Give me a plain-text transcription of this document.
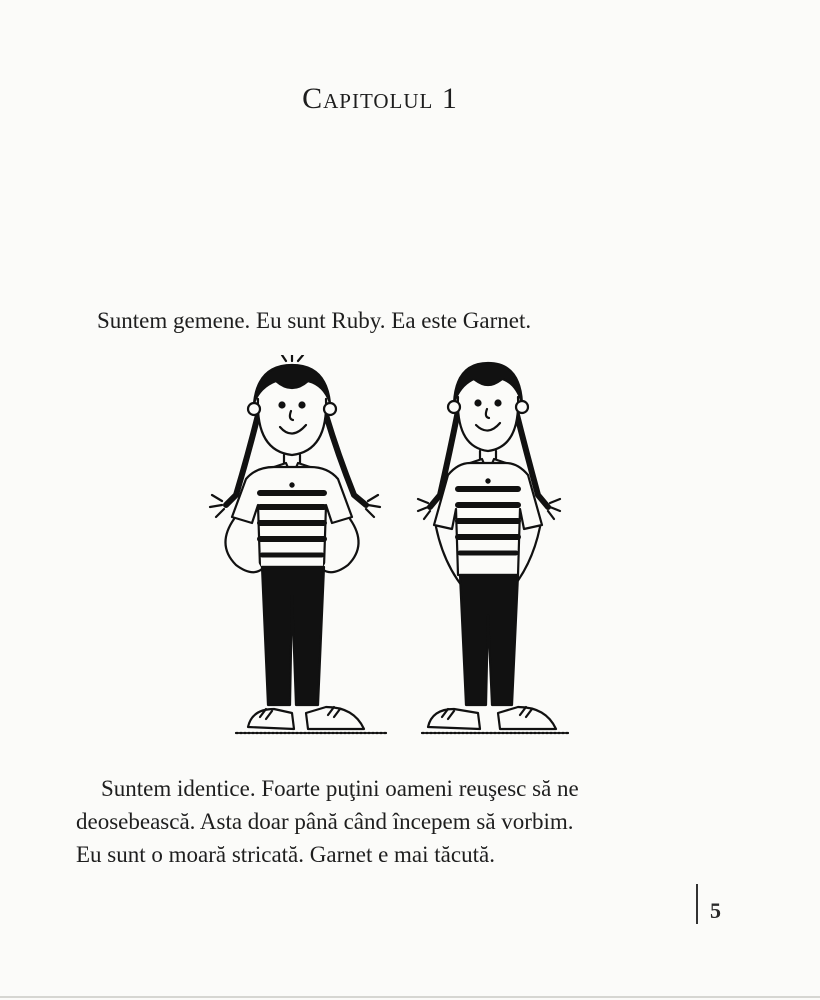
Capitolul 1
Suntem gemene. Eu sunt Ruby. Ea este Garnet.
Suntem identice. Foarte puţini oameni reuşesc să ne
deosebească. Asta doar până când începem să vorbim.
Eu sunt o moară stricată. Garnet e mai tăcută.
5
